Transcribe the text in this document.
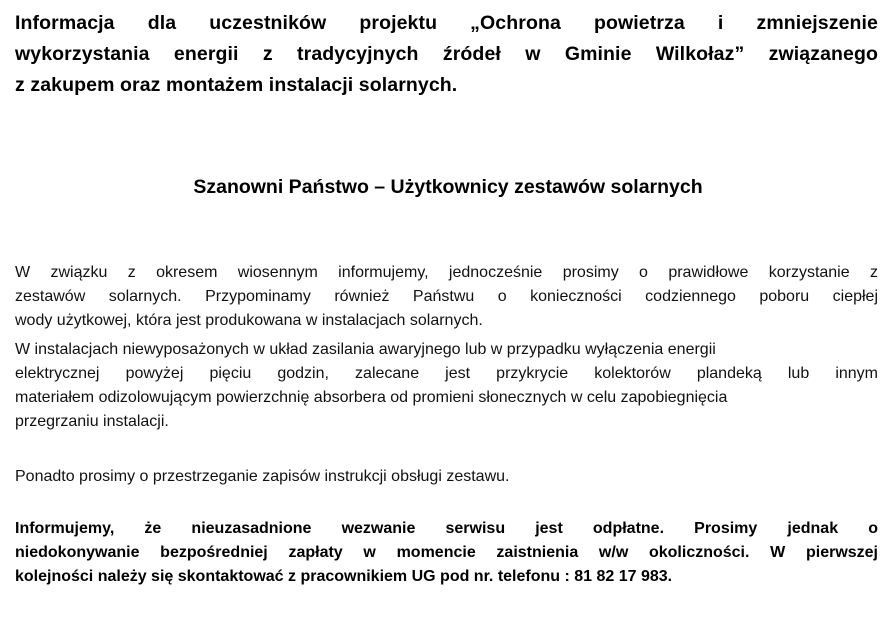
Informacja dla uczestników projektu „Ochrona powietrza i zmniejszenie
wykorzystania energii z tradycyjnych źródeł w Gminie Wilkołaz” związanego
z zakupem oraz montażem instalacji solarnych.
Szanowni Państwo – Użytkownicy zestawów solarnych

W związku z okresem wiosennym informujemy, jednocześnie prosimy o prawidłowe korzystanie z
zestawów solarnych. Przypominamy również Państwu o konieczności codziennego poboru ciepłej
wody użytkowej, która jest produkowana w instalacjach solarnych.

W instalacjach niewyposażonych w układ zasilania awaryjnego lub w przypadku wyłączenia energii
elektrycznej powyżej pięciu godzin, zalecane jest przykrycie kolektorów plandeką lub innym
materiałem odizolowującym powierzchnię absorbera od promieni słonecznych w celu zapobiegnięcia
przegrzaniu instalacji.

Ponadto prosimy o przestrzeganie zapisów instrukcji obsługi zestawu.

Informujemy, że nieuzasadnione wezwanie serwisu jest odpłatne. Prosimy jednak o
niedokonywanie bezpośredniej zapłaty w momencie zaistnienia w/w okoliczności. W pierwszej
kolejności należy się skontaktować z pracownikiem UG pod nr. telefonu : 81 82 17 983.
